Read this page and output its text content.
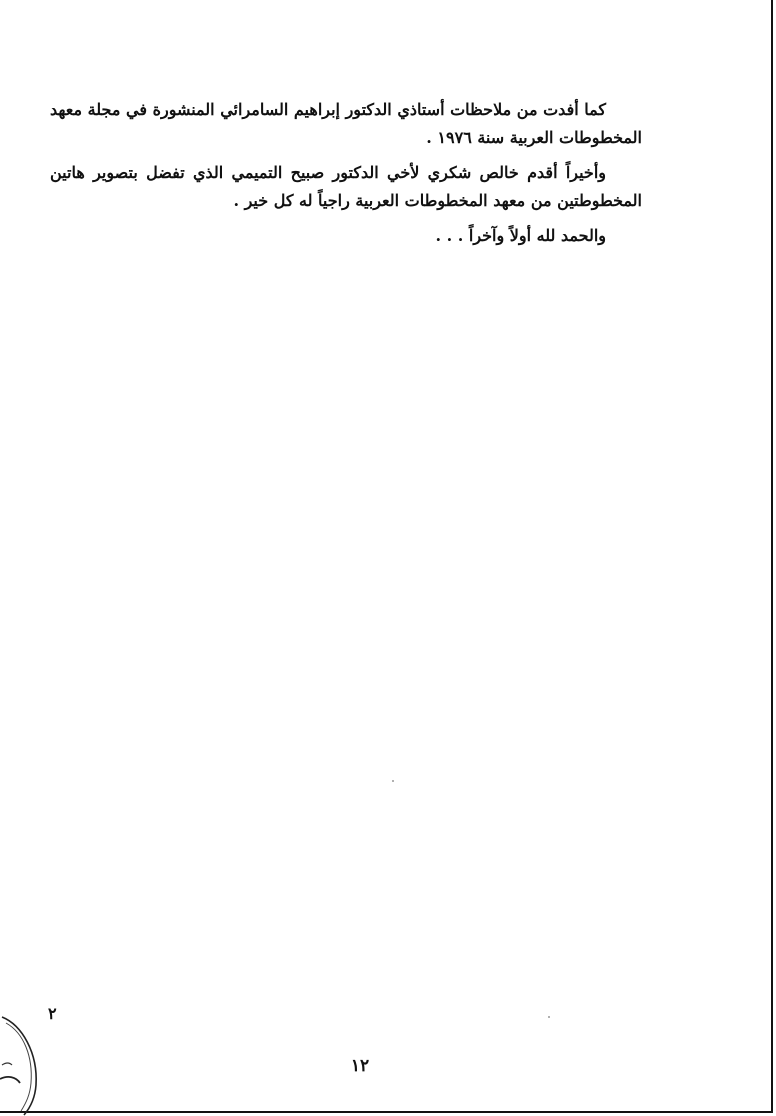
كما أفدت من ملاحظات أستاذي الدكتور إبراهيم السامرائي المنشورة في مجلة معهد المخطوطات العربية سنة ١٩٧٦ .

وأخيراً أقدم خالص شكري لأخي الدكتور صبيح التميمي الذي تفضل بتصوير هاتين المخطوطتين من معهد المخطوطات العربية راجياً له كل خير .

والحمد لله أولاً وآخراً . . .

٢
١٢
